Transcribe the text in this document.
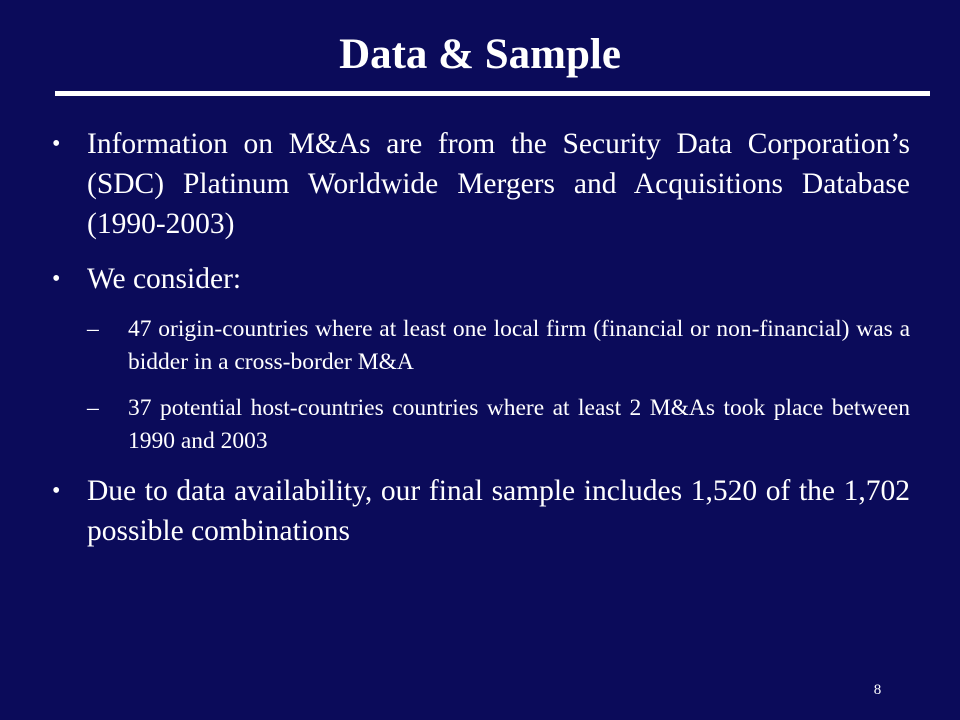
Data & Sample
• Information on M&As are from the Security Data Corporation’s (SDC) Platinum Worldwide Mergers and Acquisitions Database (1990-2003)
• We consider:
– 47 origin-countries where at least one local firm (financial or non-financial) was a bidder in a cross-border M&A
– 37 potential host-countries countries where at least 2 M&As took place between 1990 and 2003
• Due to data availability, our final sample includes 1,520 of the 1,702 possible combinations
8
